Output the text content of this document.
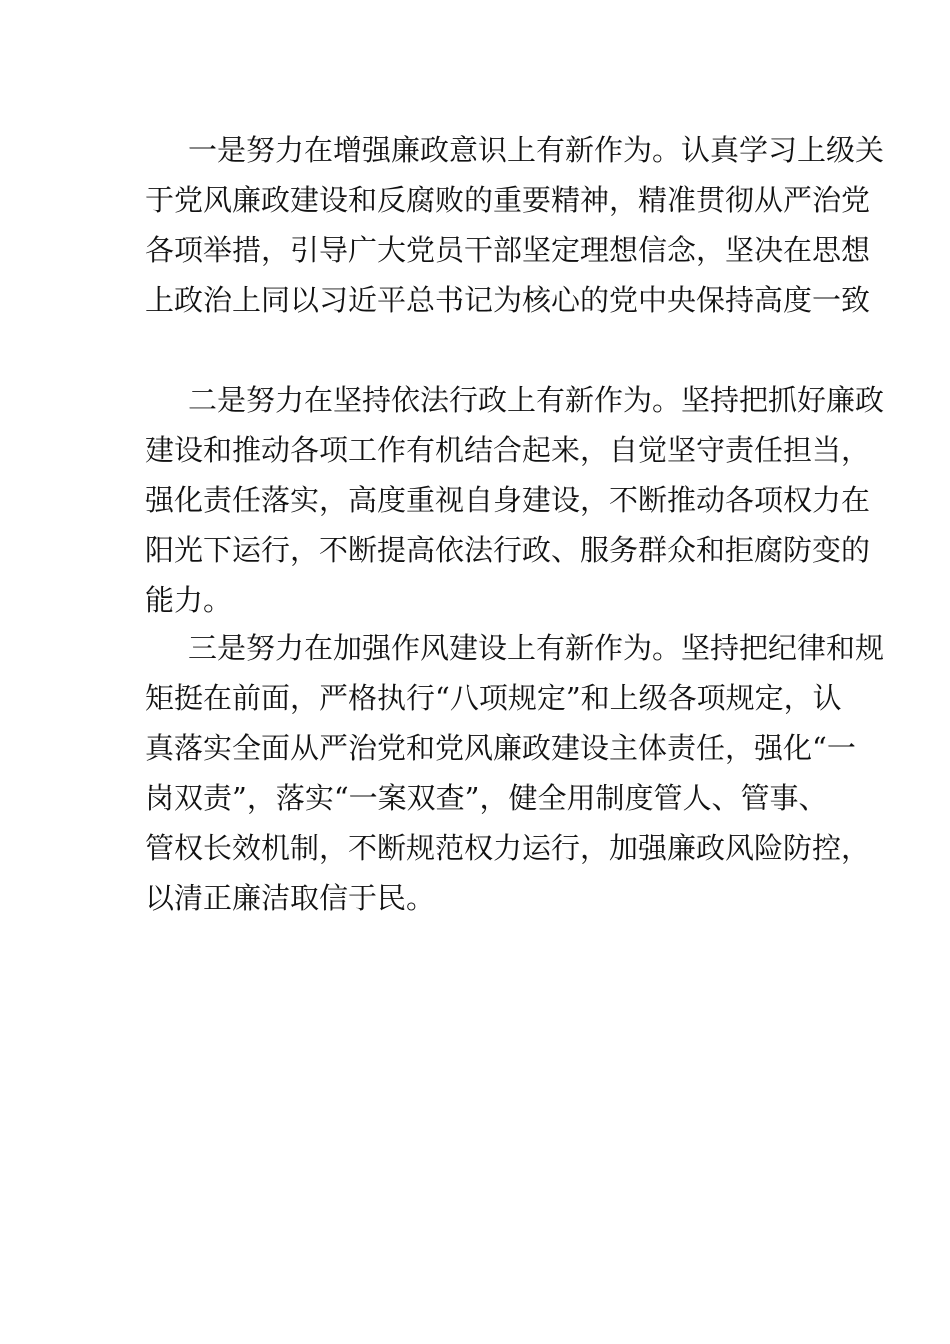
一是努力在增强廉政意识上有新作为。认真学习上级关
于党风廉政建设和反腐败的重要精神，精准贯彻从严治党
各项举措，引导广大党员干部坚定理想信念，坚决在思想
上政治上同以习近平总书记为核心的党中央保持高度一致
二是努力在坚持依法行政上有新作为。坚持把抓好廉政
建设和推动各项工作有机结合起来，自觉坚守责任担当，
强化责任落实，高度重视自身建设，不断推动各项权力在
阳光下运行，不断提高依法行政、服务群众和拒腐防变的
能力。
三是努力在加强作风建设上有新作为。坚持把纪律和规
矩挺在前面，严格执行“八项规定”和上级各项规定，认
真落实全面从严治党和党风廉政建设主体责任，强化“一
岗双责”，落实“一案双查”，健全用制度管人、管事、
管权长效机制，不断规范权力运行，加强廉政风险防控，
以清正廉洁取信于民。
